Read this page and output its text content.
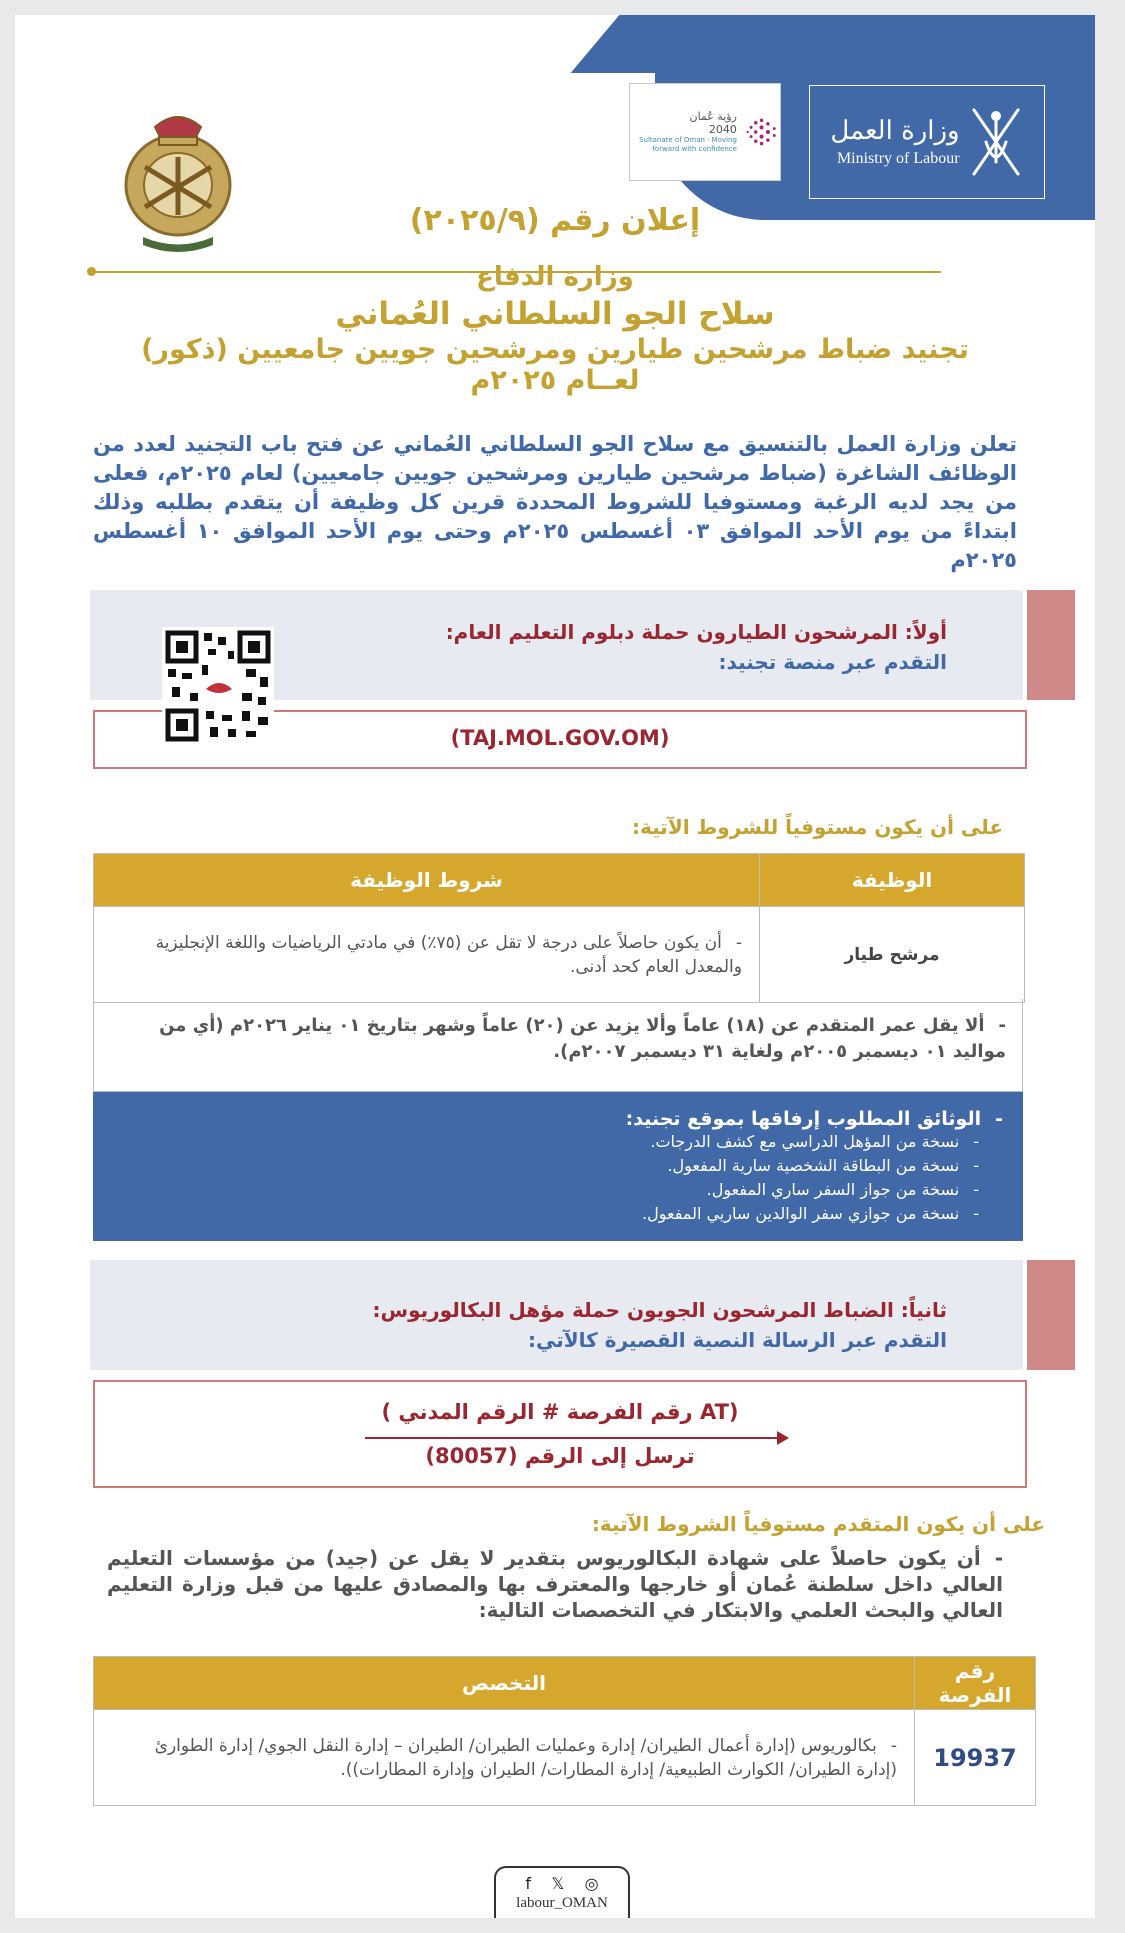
وزارة العمل
Ministry of Labour
رؤية عُمان
2040
Sultanate of Oman · Moving forward with confidence
إعلان رقم (٢٠٢٥/٩)
وزارة الدفاع
سلاح الجو السلطاني العُماني
تجنيد ضباط مرشحين طيارين ومرشحين جويين جامعيين (ذكور)
لعــام ٢٠٢٥م
تعلن وزارة العمل بالتنسيق مع سلاح الجو السلطاني العُماني عن فتح باب التجنيد لعدد من الوظائف الشاغرة (ضباط مرشحين طيارين ومرشحين جويين جامعيين) لعام ٢٠٢٥م، فعلى من يجد لديه الرغبة ومستوفيا للشروط المحددة قرين كل وظيفة أن يتقدم بطلبه وذلك ابتداءً من يوم الأحد الموافق ٠٣ أغسطس ٢٠٢٥م وحتى يوم الأحد الموافق ١٠ أغسطس ٢٠٢٥م
أولاً: المرشحون الطيارون حملة دبلوم التعليم العام:
التقدم عبر منصة تجنيد:
(TAJ.MOL.GOV.OM)
على أن يكون مستوفياً للشروط الآتية:
الوظيفة	شروط الوظيفة
مرشح طيار	-أن يكون حاصلاً على درجة لا تقل عن (٧٥٪) في مادتي الرياضيات واللغة الإنجليزية والمعدل العام كحد أدنى.
-ألا يقل عمر المتقدم عن (١٨) عاماً وألا يزيد عن (٢٠) عاماً وشهر بتاريخ ٠١ يناير ٢٠٢٦م (أي من مواليد ٠١ ديسمبر ٢٠٠٥م ولغاية ٣١ ديسمبر ٢٠٠٧م).
-الوثائق المطلوب إرفاقها بموقع تجنيد:
-نسخة من المؤهل الدراسي مع كشف الدرجات.
-نسخة من البطاقة الشخصية سارية المفعول.
-نسخة من جواز السفر ساري المفعول.
-نسخة من جوازي سفر الوالدين ساريي المفعول.
ثانياً: الضباط المرشحون الجويون حملة مؤهل البكالوريوس:
التقدم عبر الرسالة النصية القصيرة كالآتي:
( رقم الفرصة # الرقم المدني AT)
ترسل إلى الرقم (80057)
على أن يكون المتقدم مستوفياً الشروط الآتية:
-أن يكون حاصلاً على شهادة البكالوريوس بتقدير لا يقل عن (جيد) من مؤسسات التعليم العالي داخل سلطنة عُمان أو خارجها والمعترف بها والمصادق عليها من قبل وزارة التعليم العالي والبحث العلمي والابتكار في التخصصات التالية:
رقم الفرصة	التخصص
19937	-بكالوريوس (إدارة أعمال الطيران/ إدارة وعمليات الطيران/ الطيران – إدارة النقل الجوي/ إدارة الطوارئ (إدارة الطيران/ الكوارث الطبيعية/ إدارة المطارات/ الطيران وإدارة المطارات)).
f 𝕏 ◎
labour_OMAN
